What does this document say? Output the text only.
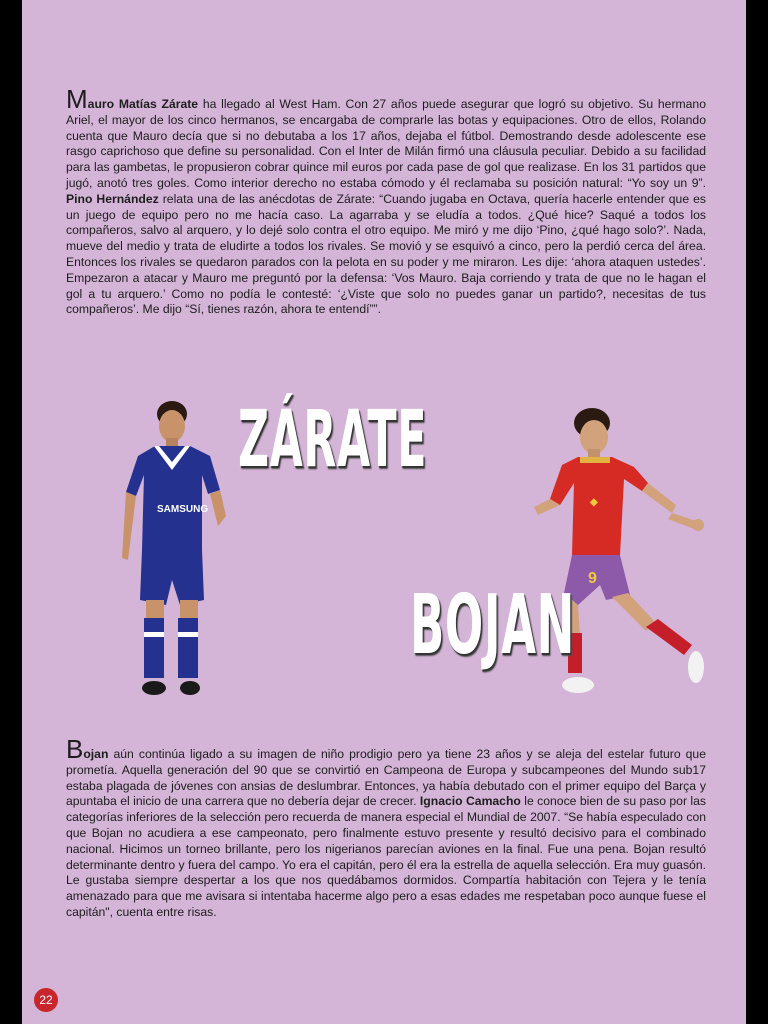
Mauro Matías Zárate ha llegado al West Ham. Con 27 años puede asegurar que logró su objetivo. Su hermano Ariel, el mayor de los cinco hermanos, se encargaba de comprarle las botas y equipaciones. Otro de ellos, Rolando cuenta que Mauro decía que si no debutaba a los 17 años, dejaba el fútbol. Demostrando desde adolescente ese rasgo caprichoso que define su personalidad. Con el Inter de Milán firmó una cláusula peculiar. Debido a su facilidad para las gambetas, le propusieron cobrar quince mil euros por cada pase de gol que realizase. En los 31 partidos que jugó, anotó tres goles. Como interior derecho no estaba cómodo y él reclamaba su posición natural: “Yo soy un 9”. Pino Hernández relata una de las anécdotas de Zárate: “Cuando jugaba en Octava, quería hacerle entender que es un juego de equipo pero no me hacía caso. La agarraba y se eludía a todos. ¿Qué hice? Saqué a todos los compañeros, salvo al arquero, y lo dejé solo contra el otro equipo. Me miró y me dijo ‘Pino, ¿qué hago solo?’. Nada, mueve del medio y trata de eludirte a todos los rivales. Se movió y se esquivó a cinco, pero la perdió cerca del área. Entonces los rivales se quedaron parados con la pelota en su poder y me miraron. Les dije: ‘ahora ataquen ustedes’. Empezaron a atacar y Mauro me preguntó por la defensa: ‘Vos Mauro. Baja corriendo y trata de que no le hagan el gol a tu arquero.’ Como no podía le contesté: ‘¿Viste que solo no puedes ganar un partido?, necesitas de tus compañeros’. Me dijo “Sí, tienes razón, ahora te entendí””.

SAMSUNG
ZÁRATE
◆
9
BOJAN

Bojan aún continúa ligado a su imagen de niño prodigio pero ya tiene 23 años y se aleja del estelar futuro que prometía. Aquella generación del 90 que se convirtió en Campeona de Europa y subcampeones del Mundo sub17 estaba plagada de jóvenes con ansias de deslumbrar. Entonces, ya había debutado con el primer equipo del Barça y apuntaba el inicio de una carrera que no debería dejar de crecer. Ignacio Camacho le conoce bien de su paso por las categorías inferiores de la selección pero recuerda de manera especial el Mundial de 2007. “Se había especulado con que Bojan no acudiera a ese campeonato, pero finalmente estuvo presente y resultó decisivo para el combinado nacional. Hicimos un torneo brillante, pero los nigerianos parecían aviones en la final. Fue una pena. Bojan resultó determinante dentro y fuera del campo. Yo era el capitán, pero él era la estrella de aquella selección. Era muy guasón. Le gustaba siempre despertar a los que nos quedábamos dormidos. Compartía habitación con Tejera y le tenía amenazado para que me avisara si intentaba hacerme algo pero a esas edades me respetaban poco aunque fuese el capitán", cuenta entre risas.

22
